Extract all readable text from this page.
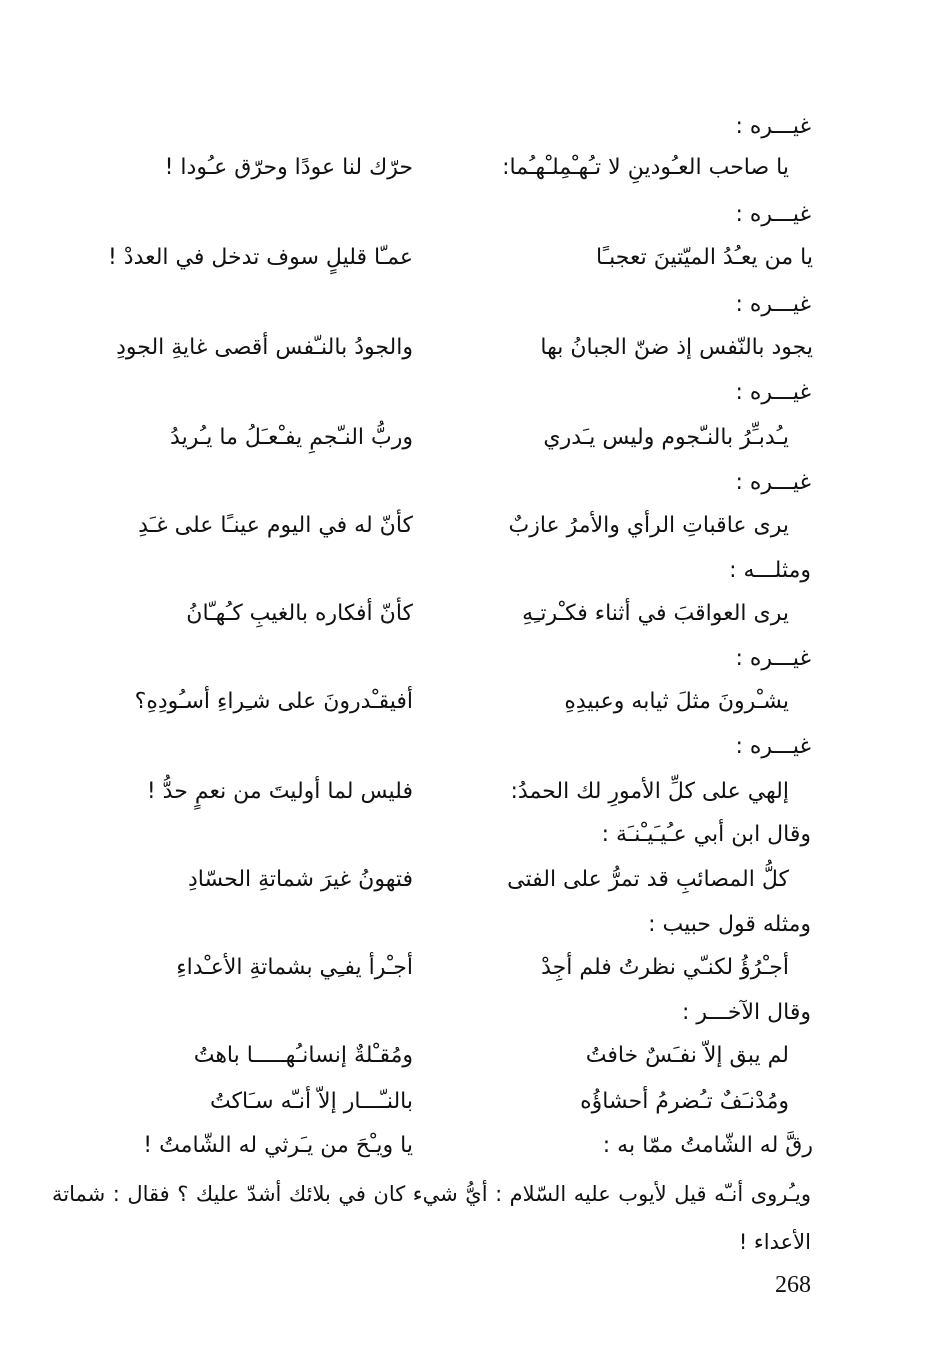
غيـــره :
يا صاحب العـُودينِ لا تـُهـْمِلـْهـُما:
حرّك لنا عودًا وحرّق عـُودا !
غيـــره :
يا من يعـُدُ الميّتينَ تعجبـًا
عمـّا قليلٍ سوف تدخل في العددْ !
غيـــره :
يجود بالنّفس إذ ضنّ الجبانُ بها
والجودُ بالنـّفس أقصى غايةِ الجودِ
غيـــره :
يـُدبـِّرُ بالنـّجوم وليس يـَدري
وربُّ النـّجمِ يفـْعـَلُ ما يـُريدُ
غيـــره :
يرى عاقباتِ الرأي والأمرُ عازبٌ
كأنّ له في اليوم عينـًا على غـَدِ
ومثلـــه :
يرى العواقبَ في أثناء فكـْرتـِهِ
كأنّ أفكاره بالغيبِ كـُهـّانُ
غيـــره :
يشـْرونَ مثلَ ثيابه وعبيدِهِ
أفيقـْدرونَ على شـِراءِ أسـُودِهِ؟
غيـــره :
إلهي على كلِّ الأمورِ لك الحمدُ:
فليس لما أوليتَ من نعمٍ حدُّ !
وقال ابن أبي عـُيـَيـْنـَة :
كلُّ المصائبِ قد تمرُّ على الفتى
فتهونُ غيرَ شماتةِ الحسّادِ
ومثله قول حبيب :
أجـْرُؤُ لكنـّي نظرتُ فلم أجِدْ
أجـْرأ يفـِي بشماتةِ الأعـْداءِ
وقال الآخـــر :
لم يبق إلاّ نفـَسٌ خافتُ
ومُقـْلةٌ إنسانـُهـــــا باهتُ
ومُدْنـَفٌ تـُضرمُ أحشاؤُه
بالنـّـــار إلاّ أنـّه سـَاكتُ
رقَّ له الشّامتُ ممّا به :
يا ويـْحَ من يـَرثي له الشّامتُ !
ويـُروى أنـّه قيل لأيوب عليه السّلام : أيُّ شيء كان في بلائك أشدّ عليك ؟ فقال : شماتة الأعداء !
268
